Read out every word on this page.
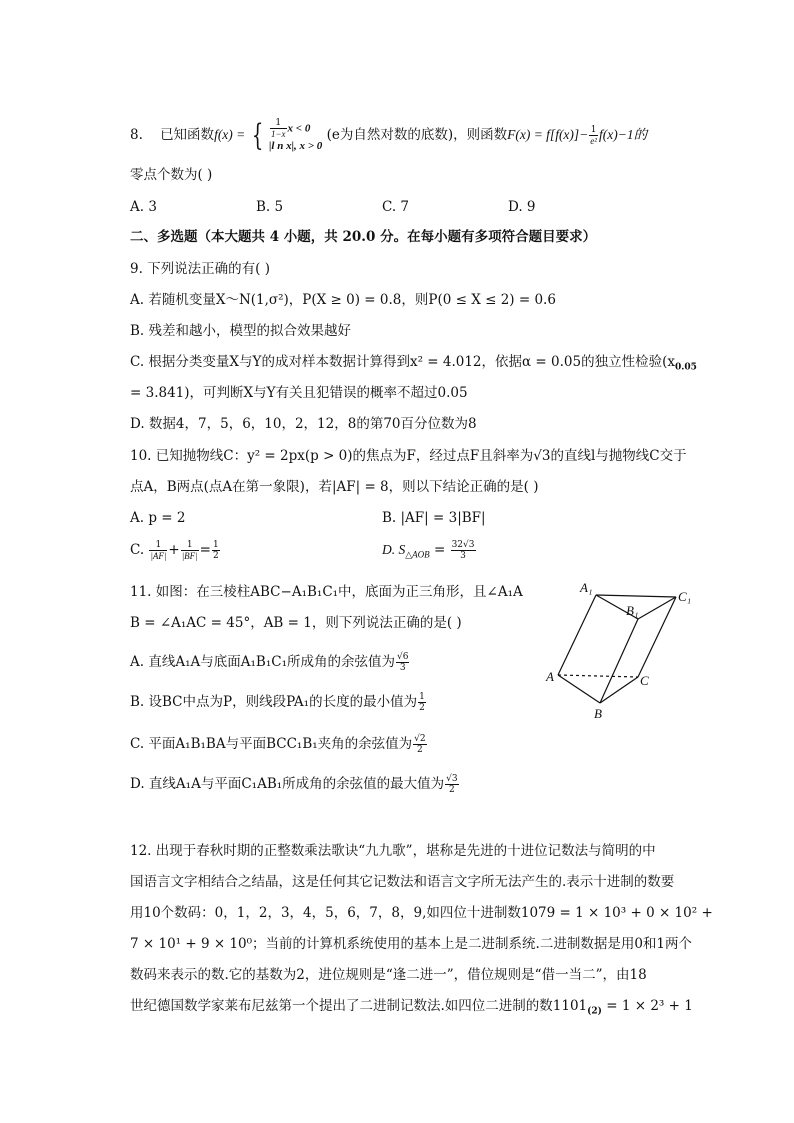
8. 已知函数f(x) = { $\frac{1}{1-x}$ x < 0
|l n x|, x > 0
(e为自然对数的底数)，则函数$F(x) = f[f(x)]- \frac{1}{\text{e²}} f(x)-1$的
零点个数为( )
A. 3	B. 5	C. 7	D. 9
二、多选题（本大题共 4 小题，共 20.0 分。在每小题有多项符合题目要求）
9. 下列说法正确的有( )
A. 若随机变量X～N(1,σ²)，P(X ≥ 0) = 0.8，则P(0 ≤ X ≤ 2) = 0.6
B. 残差和越小，模型的拟合效果越好
C. 根据分类变量X与Y的成对样本数据计算得到x² = 4.012，依据α = 0.05的独立性检验($x_{0.05}$
= 3.841)，可判断X与Y有关且犯错误的概率不超过0.05
D. 数据4，7，5，6，10，2，12，8的第70百分位数为8
10. 已知抛物线C：y² = 2px(p > 0)的焦点为F，经过点F且斜率为√3的直线l与抛物线C交于
点A，B两点(点A在第一象限)，若|AF| = 8，则以下结论正确的是( )
A. p = 2	B. |AF| = 3|BF|
C. $\frac{1}{|AF|} + \frac{1}{|BF|} = \frac{1}{2}$	D. $S_{\triangle AOB} = \frac{32√3}{3}$
11. 如图：在三棱柱ABC−A₁B₁C₁中，底面为正三角形，且∠A₁A
B = ∠A₁AC = 45°，AB = 1，则下列说法正确的是( )
A. 直线A₁A与底面A₁B₁C₁所成角的余弦值为 $\frac{√6}{3}$
B. 设BC中点为P，则线段PA₁的长度的最小值为 $\frac{1}{2}$
C. 平面A₁B₁BA与平面BCC₁B₁夹角的余弦值为 $\frac{√2}{2}$
D. 直线A₁A与平面C₁AB₁所成角的余弦值的最大值为 $\frac{√3}{2}$
A₁
B₁
C₁
A	C
B
12. 出现于春秋时期的正整数乘法歌诀“九九歌”，堪称是先进的十进位记数法与简明的中
国语言文字相结合之结晶，这是任何其它记数法和语言文字所无法产生的.表示十进制的数要
用10个数码：0，1，2，3，4，5，6，7，8，9,如四位十进制数1079 = 1 × 10³ + 0 × 10² +
7 × 10¹ + 9 × 10⁰；当前的计算机系统使用的基本上是二进制系统.二进制数据是用0和1两个
数码来表示的数.它的基数为2，进位规则是“逢二进一”，借位规则是“借一当二”，由18
世纪德国数学家莱布尼兹第一个提出了二进制记数法.如四位二进制的数$1101_{(2)} = 1 \times 2^3 + 1$
